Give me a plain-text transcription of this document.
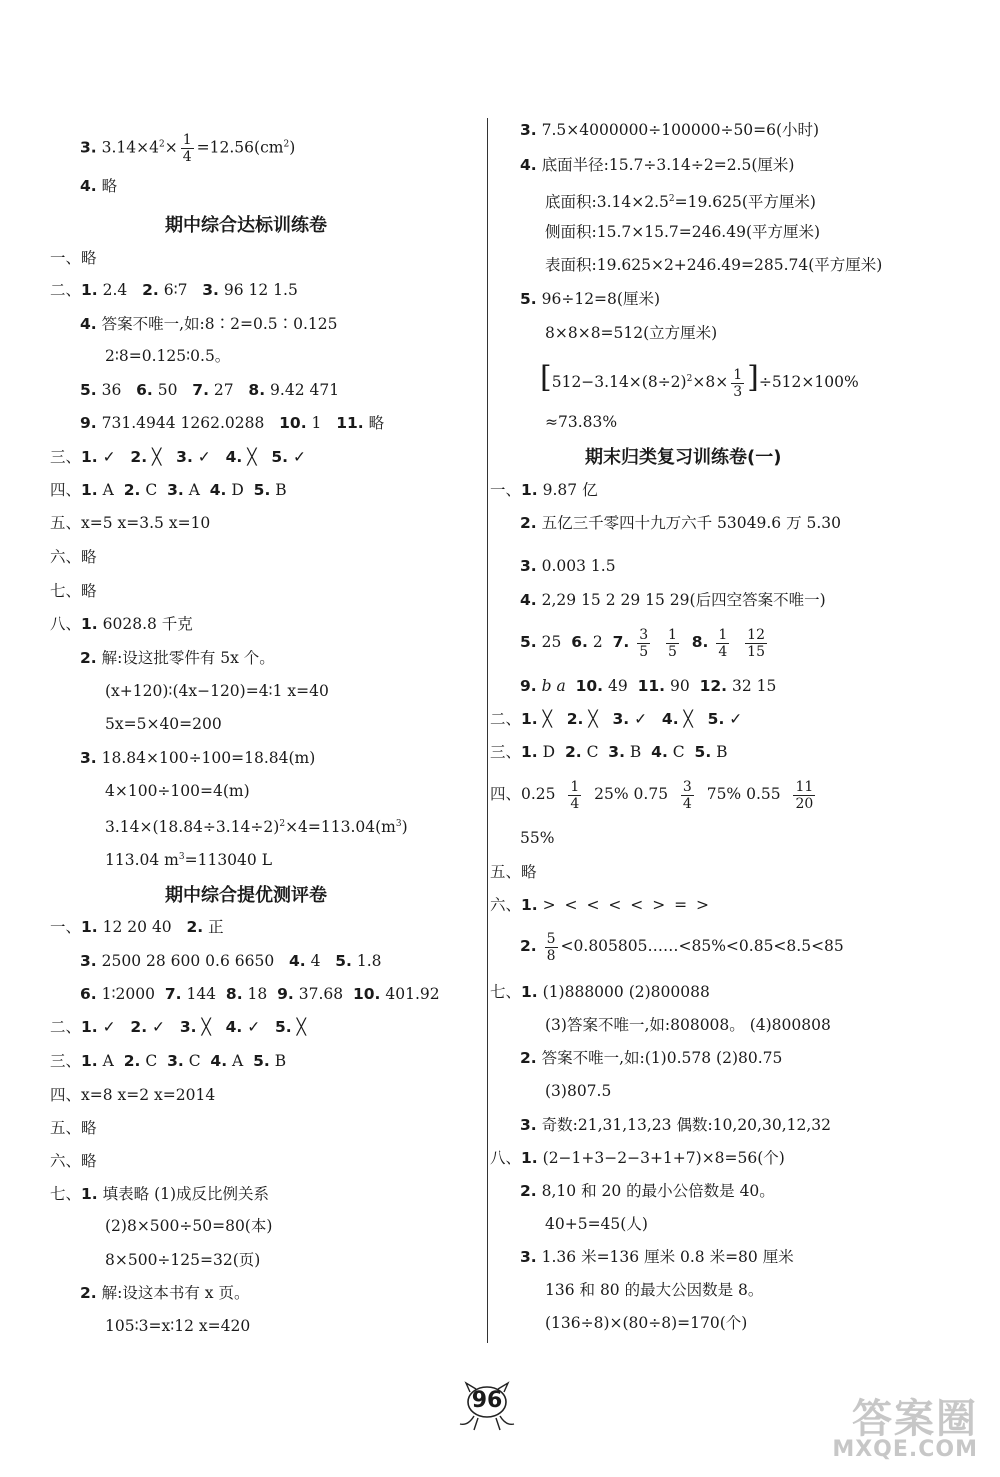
3. $3.14\times 4^2\times \frac{1}{4} =12.56(cm^2)$
4. 略
期中综合达标训练卷
一、略
二、1. 2.4 2. 6∶7 3. 96 12 1.5
4. 答案不唯一,如:8∶2=0.5∶0.125
2∶8=0.125∶0.5。
5. 36 6. 50 7. 27 8. 9.42 471
9. 731.4944 1262.0288 10. 1 11. 略
三、1. ✓ 2. ╳ 3. ✓ 4. ╳ 5. ✓
四、1. A 2. C 3. A 4. D 5. B
五、x=5 x=3.5 x=10
六、略
七、略
八、1. 6028.8 千克
2. 解:设这批零件有 5x 个。
(x+120)∶(4x−120)=4∶1 x=40
5x=5×40=200
3. 18.84×100÷100=18.84(m)
4×100÷100=4(m)
$3.14\times(18.84\div 3.14\div 2)^2\times 4=113.04(m^3)$
113.04 $m^3=113040$ L
期中综合提优测评卷
一、1. 12 20 40 2. 正
3. 2500 28 600 0.6 6650 4. 4 5. 1.8
6. 1∶2000 7. 144 8. 18 9. 37.68 10. 401.92
二、1. ✓ 2. ✓ 3. ╳ 4. ✓ 5. ╳
三、1. A 2. C 3. C 4. A 5. B
四、x=8 x=2 x=2014
五、略
六、略
七、1. 填表略 (1)成反比例关系
(2)8×500÷50=80(本)
8×500÷125=32(页)
2. 解:设这本书有 x 页。
105∶3=x∶12 x=420
3. 7.5×4000000÷100000÷50=6(小时)
4. 底面半径:15.7÷3.14÷2=2.5(厘米)
底面积$:3.14\times 2.5^2=19.625$(平方厘米)
侧面积:15.7×15.7=246.49(平方厘米)
表面积:19.625×2+246.49=285.74(平方厘米)
5. 96÷12=8(厘米)
8×8×8=512(立方厘米)
$[512-3.14\times(8\div 2)^2\times 8\times \frac{1}{3} ]\div 512\times 100\%$
≈73.83%
期末归类复习训练卷(一)
一、1. 9.87 亿
2. 五亿三千零四十九万六千 53049.6 万 5.30
3. 0.003 1.5
4. 2,29 15 2 29 15 29(后四空答案不唯一)
5. 25 6. 2 7. $\frac{3}{5}$
$\frac{1}{5} 8$. $\frac{1}{4}$
$\frac{12}{15}$
9. b a 10. 49 11. 90 12. 32 15
二、1. ╳ 2. ╳ 3. ✓ 4. ╳ 5. ✓
三、1. D 2. C 3. B 4. C 5. B
四、$0.25 \frac{1}{4} 25\%$ $0.75 \frac{3}{4} 75\%$ $0.55 \frac{11}{20}$
55%
五、略
六、1. > < < < < > = >
2. $\frac{5}{8}$ <0.805805……<85%<0.85<8.5<85
七、1. (1)888000 (2)800088
(3)答案不唯一,如:808008。 (4)800808
2. 答案不唯一,如:(1)0.578 (2)80.75
(3)807.5
3. 奇数:21,31,13,23 偶数:10,20,30,12,32
八、1. (2−1+3−2−3+1+7)×8=56(个)
2. 8,10 和 20 的最小公倍数是 40。
40+5=45(人)
3. 1.36 米=136 厘米 0.8 米=80 厘米
136 和 80 的最大公因数是 8。
(136÷8)×(80÷8)=170(个)
96	答案圈
MXQE.COM
